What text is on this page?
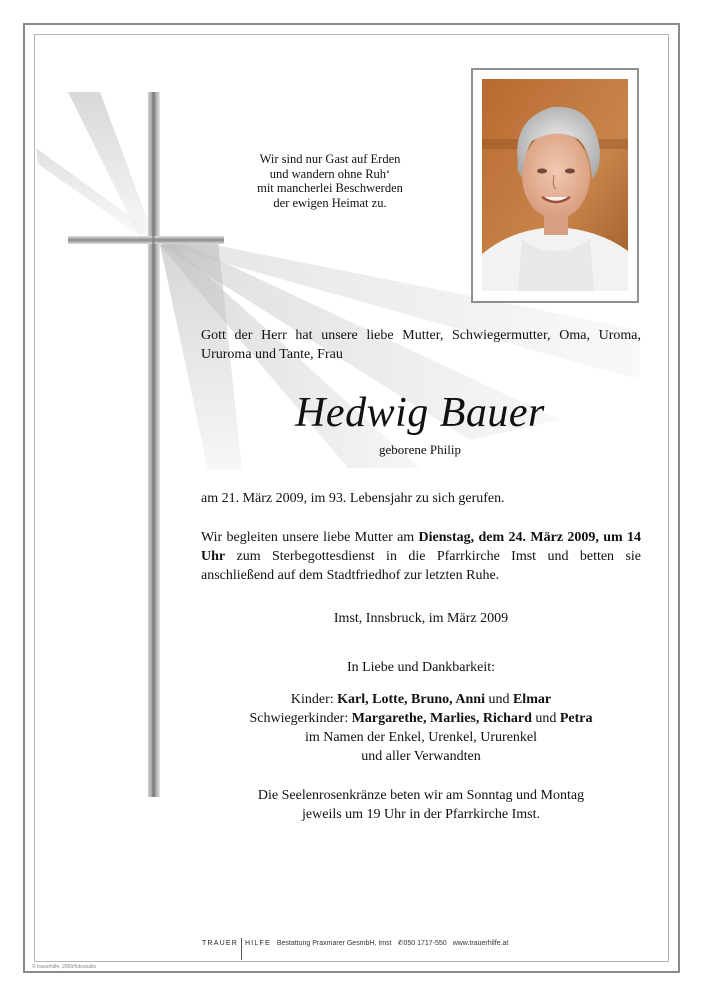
Wir sind nur Gast auf Erden
und wandern ohne Ruh‘
mit mancherlei Beschwerden
der ewigen Heimat zu.
Gott der Herr hat unsere liebe Mutter, Schwiegermutter, Oma, Uroma, Ururoma und Tante, Frau
Hedwig Bauer
geborene Philip
am 21. März 2009, im 93. Lebensjahr zu sich gerufen.
Wir begleiten unsere liebe Mutter am Dienstag, dem 24. März 2009, um 14 Uhr zum Sterbegottesdienst in die Pfarrkirche Imst und betten sie anschließend auf dem Stadtfriedhof zur letzten Ruhe.
Imst, Innsbruck, im März 2009
In Liebe und Dankbarkeit:
Kinder: Karl, Lotte, Bruno, Anni und Elmar
Schwiegerkinder: Margarethe, Marlies, Richard und Petra
im Namen der Enkel, Urenkel, Ururenkel
und aller Verwandten
Die Seelenrosenkränze beten wir am Sonntag und Montag
jeweils um 19 Uhr in der Pfarrkirche Imst.
TRAUER HILFE Bestattung Praxmarer GesmbH, Imst ✆ 050 1717-550 www.trauerhilfe.at
© trauerhilfe, 2009/fotostudio
